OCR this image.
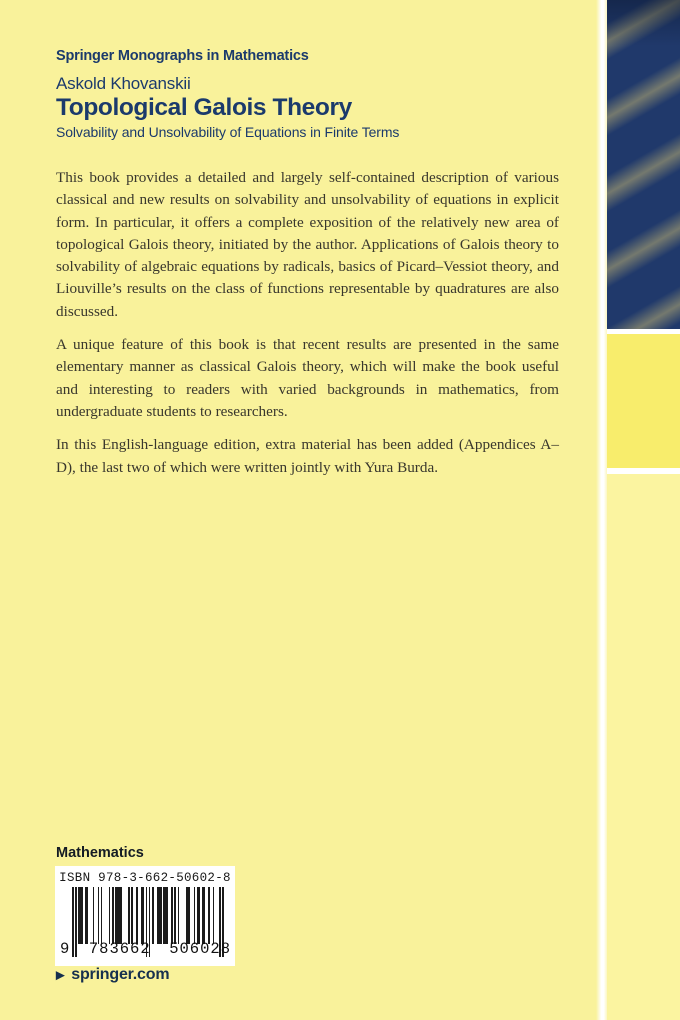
Springer Monographs in Mathematics
Askold Khovanskii
Topological Galois Theory
Solvability and Unsolvability of Equations in Finite Terms

This book provides a detailed and largely self-contained description of various classical and new results on solvability and unsolvability of equations in explicit form. In particular, it offers a complete exposition of the relatively new area of topological Galois theory, initiated by the author. Applications of Galois theory to solvability of algebraic equations by radicals, basics of Picard–Vessiot theory, and Liouville’s results on the class of functions representable by quadratures are also discussed.

A unique feature of this book is that recent results are presented in the same elementary manner as classical Galois theory, which will make the book useful and interesting to readers with varied backgrounds in mathematics, from undergraduate students to researchers.

In this English-language edition, extra material has been added (Appendices A–D), the last two of which were written jointly with Yura Burda.

Mathematics
ISBN 978-3-662-50602-8
9 783662 506028
▶ springer.com
